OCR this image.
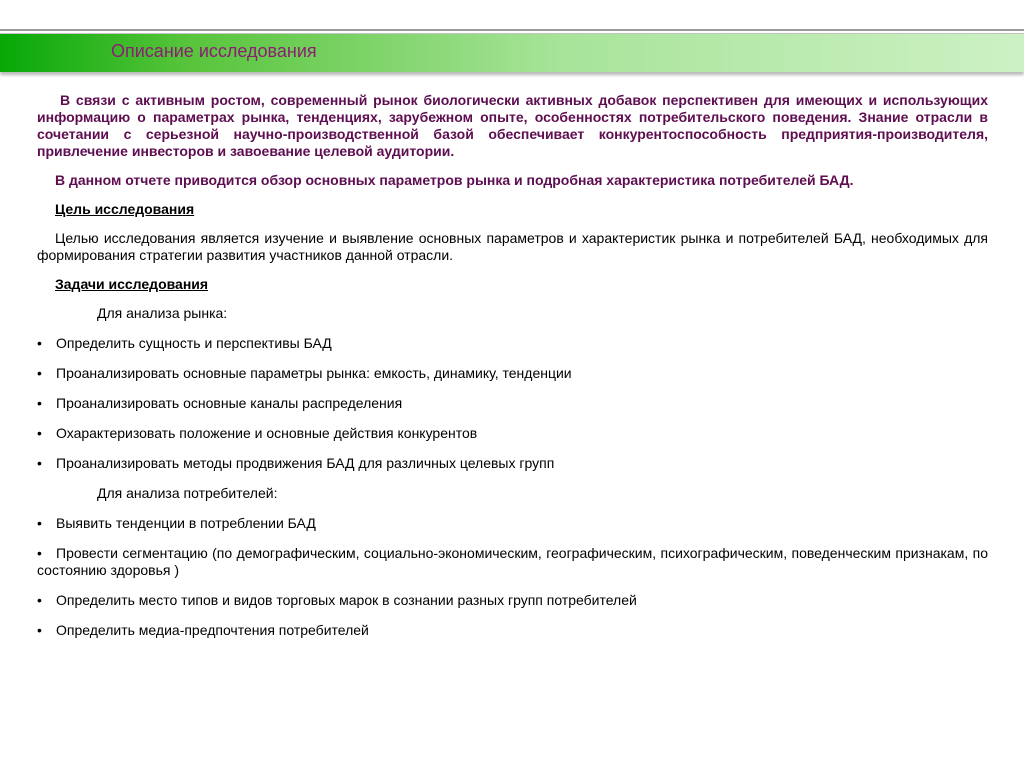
Описание исследования

В связи с активным ростом, современный рынок биологически активных добавок перспективен для имеющих и использующих информацию о параметрах рынка, тенденциях, зарубежном опыте, особенностях потребительского поведения. Знание отрасли в сочетании с серьезной научно-производственной базой обеспечивает конкурентоспособность предприятия-производителя, привлечение инвесторов и завоевание целевой аудитории.

В данном отчете приводится обзор основных параметров рынка и подробная характеристика потребителей БАД.

Цель исследования

Целью исследования является изучение и выявление основных параметров и характеристик рынка и потребителей БАД, необходимых для формирования стратегии развития участников данной отрасли.

Задачи исследования

Для анализа рынка:

• Определить сущность и перспективы БАД

• Проанализировать основные параметры рынка: емкость, динамику, тенденции

• Проанализировать основные каналы распределения

• Охарактеризовать положение и основные действия конкурентов

• Проанализировать методы продвижения БАД для различных целевых групп

Для анализа потребителей:

• Выявить тенденции в потреблении БАД

• Провести сегментацию (по демографическим, социально-экономическим, географическим, психографическим, поведенческим признакам, по состоянию здоровья )

• Определить место типов и видов торговых марок в сознании разных групп потребителей

• Определить медиа-предпочтения потребителей
